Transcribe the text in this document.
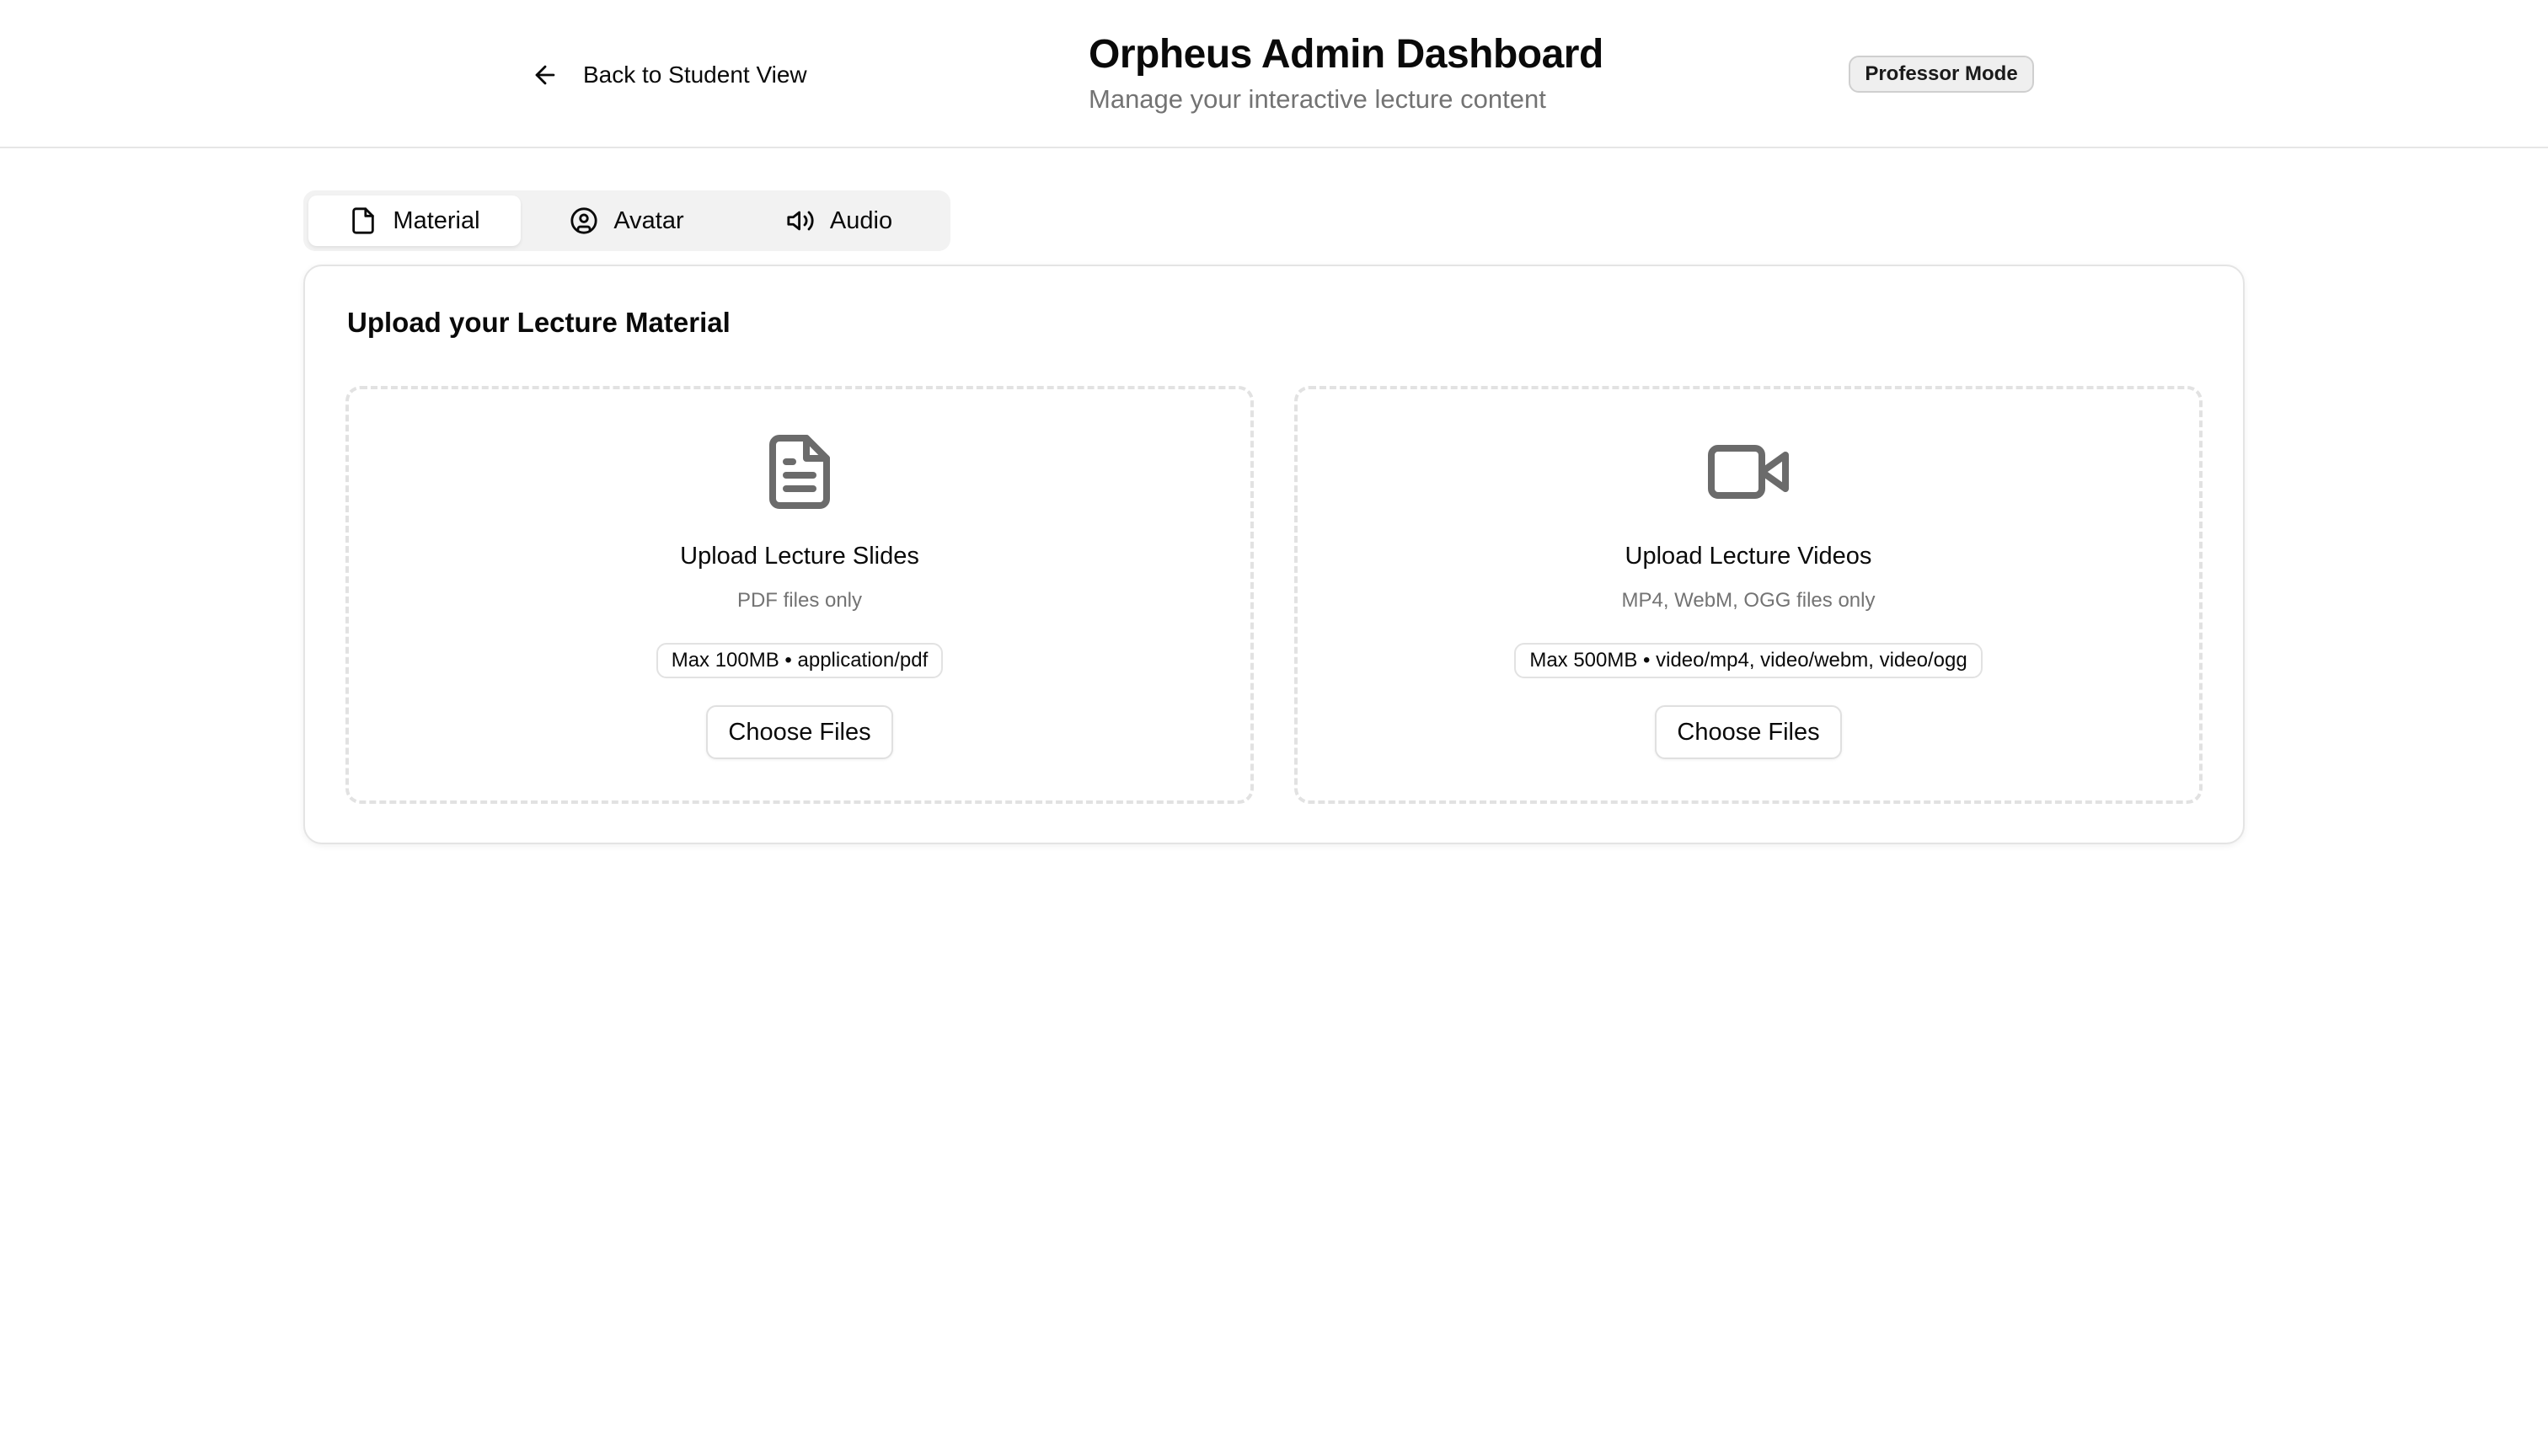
Back to Student View	Orpheus Admin Dashboard
Manage your interactive lecture content
Professor Mode
Material	Avatar	Audio
Upload your Lecture Material
Upload Lecture Slides
PDF files only
Max 100MB • application/pdf
Choose Files
Upload Lecture Videos
MP4, WebM, OGG files only
Max 500MB • video/mp4, video/webm, video/ogg
Choose Files
